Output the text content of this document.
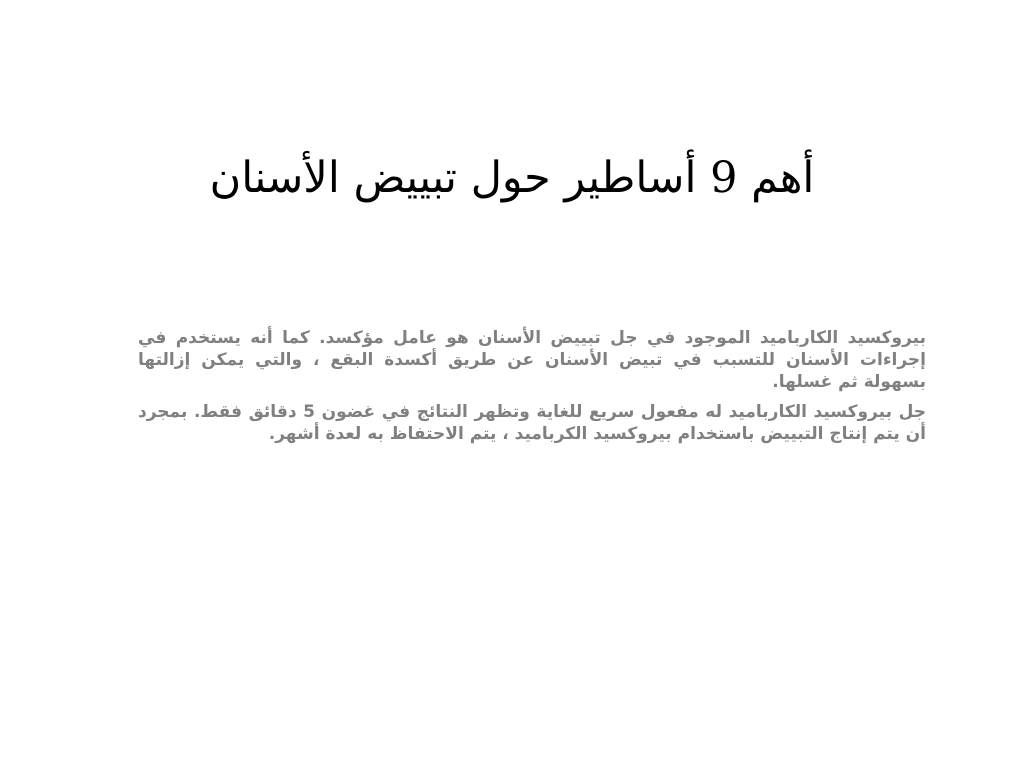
أهم 9 أساطير حول تبييض الأسنان

بيروكسيد الكارباميد الموجود في جل تبييض الأسنان هو عامل مؤكسد. كما أنه يستخدم في إجراءات الأسنان للتسبب في تبيض الأسنان عن طريق أكسدة البقع ، والتي يمكن إزالتها بسهولة ثم غسلها.

جل بيروكسيد الكارباميد له مفعول سريع للغاية وتظهر النتائج في غضون 5 دقائق فقط. بمجرد أن يتم إنتاج التبييض باستخدام بيروكسيد الكرباميد ، يتم الاحتفاظ به لعدة أشهر.
